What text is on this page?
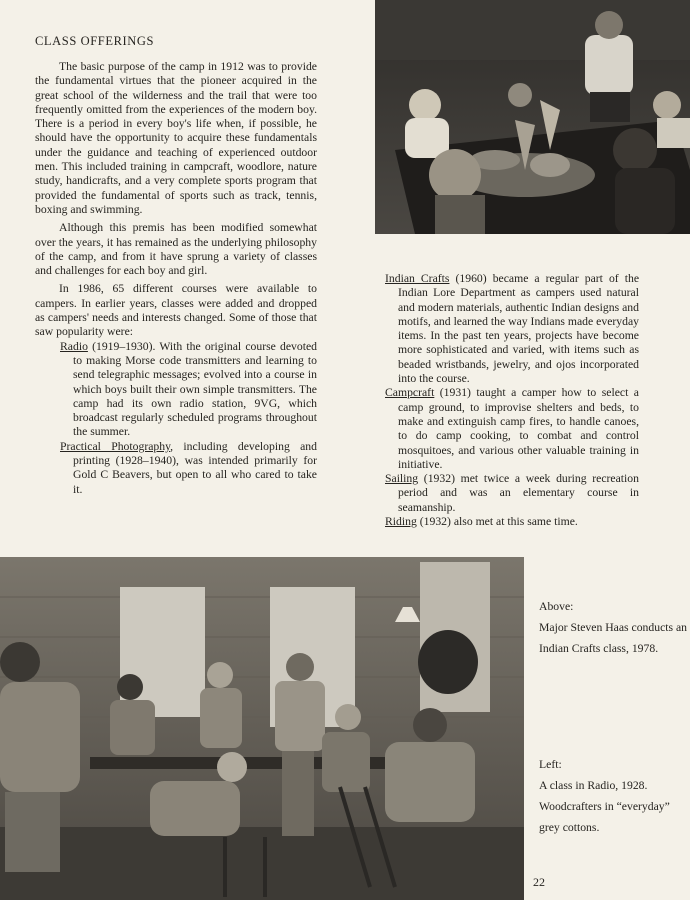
CLASS OFFERINGS

The basic purpose of the camp in 1912 was to provide the fundamental virtues that the pioneer acquired in the great school of the wilderness and the trail that were too frequently omitted from the experiences of the modern boy. There is a period in every boy's life when, if possible, he should have the opportunity to acquire these fundamentals under the guidance and teaching of experienced outdoor men. This included training in campcraft, woodlore, nature study, handicrafts, and a very complete sports program that provided the fundamental of sports such as track, tennis, boxing and swimming.

Although this premis has been modified somewhat over the years, it has remained as the underlying philosophy of the camp, and from it have sprung a variety of classes and challenges for each boy and girl.

In 1986, 65 different courses were available to campers. In earlier years, classes were added and dropped as campers' needs and interests changed. Some of those that saw popularity were:

Radio (1919–1930). With the original course devoted to making Morse code transmitters and learning to send telegraphic messages; evolved into a course in which boys built their own simple transmitters. The camp had its own radio station, 9VG, which broadcast regularly scheduled programs throughout the summer.

Practical Photography, including developing and printing (1928–1940), was intended primarily for Gold C Beavers, but open to all who cared to take it.

Indian Crafts (1960) became a regular part of the Indian Lore Department as campers used natural and modern materials, authentic Indian designs and motifs, and learned the way Indians made everyday items. In the past ten years, projects have become more sophisticated and varied, with items such as beaded wristbands, jewelry, and ojos incorporated into the course.

Campcraft (1931) taught a camper how to select a camp ground, to improvise shelters and beds, to make and extinguish camp fires, to handle canoes, to do camp cooking, to combat and control mosquitoes, and various other valuable training in initiative.

Sailing (1932) met twice a week during recreation period and was an elementary course in seamanship.

Riding (1932) also met at this same time.

Above:
Major Steven Haas conducts an Indian Crafts class, 1978.
Left:
A class in Radio, 1928.
Woodcrafters in “everyday” grey cottons.
22
